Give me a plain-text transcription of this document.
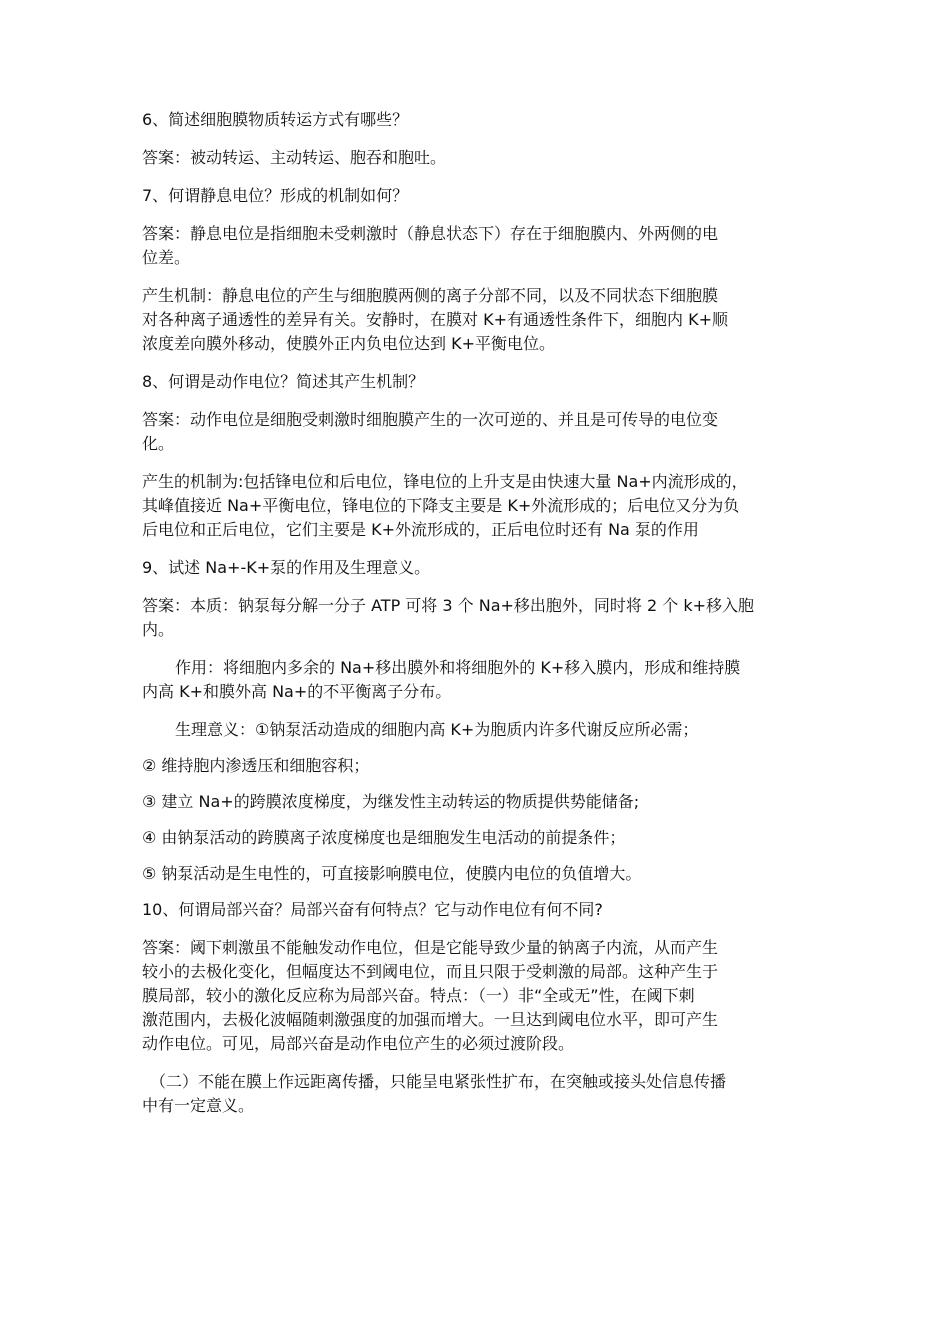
6、简述细胞膜物质转运方式有哪些？

答案：被动转运、主动转运、胞吞和胞吐。

7、何谓静息电位？形成的机制如何？

答案：静息电位是指细胞未受刺激时（静息状态下）存在于细胞膜内、外两侧的电
位差。

产生机制：静息电位的产生与细胞膜两侧的离子分部不同，以及不同状态下细胞膜
对各种离子通透性的差异有关。安静时，在膜对 K+有通透性条件下，细胞内 K+顺
浓度差向膜外移动，使膜外正内负电位达到 K+平衡电位。

8、何谓是动作电位？简述其产生机制？

答案：动作电位是细胞受刺激时细胞膜产生的一次可逆的、并且是可传导的电位变
化。

产生的机制为:包括锋电位和后电位，锋电位的上升支是由快速大量 Na+内流形成的，
其峰值接近 Na+平衡电位，锋电位的下降支主要是 K+外流形成的；后电位又分为负
后电位和正后电位，它们主要是 K+外流形成的，正后电位时还有 Na 泵的作用

9、试述 Na+-K+泵的作用及生理意义。

答案：本质：钠泵每分解一分子 ATP 可将 3 个 Na+移出胞外，同时将 2 个 k+移入胞
内。

作用：将细胞内多余的 Na+移出膜外和将细胞外的 K+移入膜内，形成和维持膜

内高 K+和膜外高 Na+的不平衡离子分布。

生理意义：①钠泵活动造成的细胞内高 K+为胞质内许多代谢反应所必需；

② 维持胞内渗透压和细胞容积；

③ 建立 Na+的跨膜浓度梯度，为继发性主动转运的物质提供势能储备;

④ 由钠泵活动的跨膜离子浓度梯度也是细胞发生电活动的前提条件；

⑤ 钠泵活动是生电性的，可直接影响膜电位，使膜内电位的负值增大。

10、何谓局部兴奋？局部兴奋有何特点？它与动作电位有何不同?

答案：阈下刺激虽不能触发动作电位，但是它能导致少量的钠离子内流，从而产生
较小的去极化变化，但幅度达不到阈电位，而且只限于受刺激的局部。这种产生于
膜局部，较小的激化反应称为局部兴奋。特点：（一）非“全或无”性，在阈下刺
激范围内，去极化波幅随刺激强度的加强而增大。一旦达到阈电位水平，即可产生
动作电位。可见，局部兴奋是动作电位产生的必须过渡阶段。

（二）不能在膜上作远距离传播，只能呈电紧张性扩布，在突触或接头处信息传播
中有一定意义。
